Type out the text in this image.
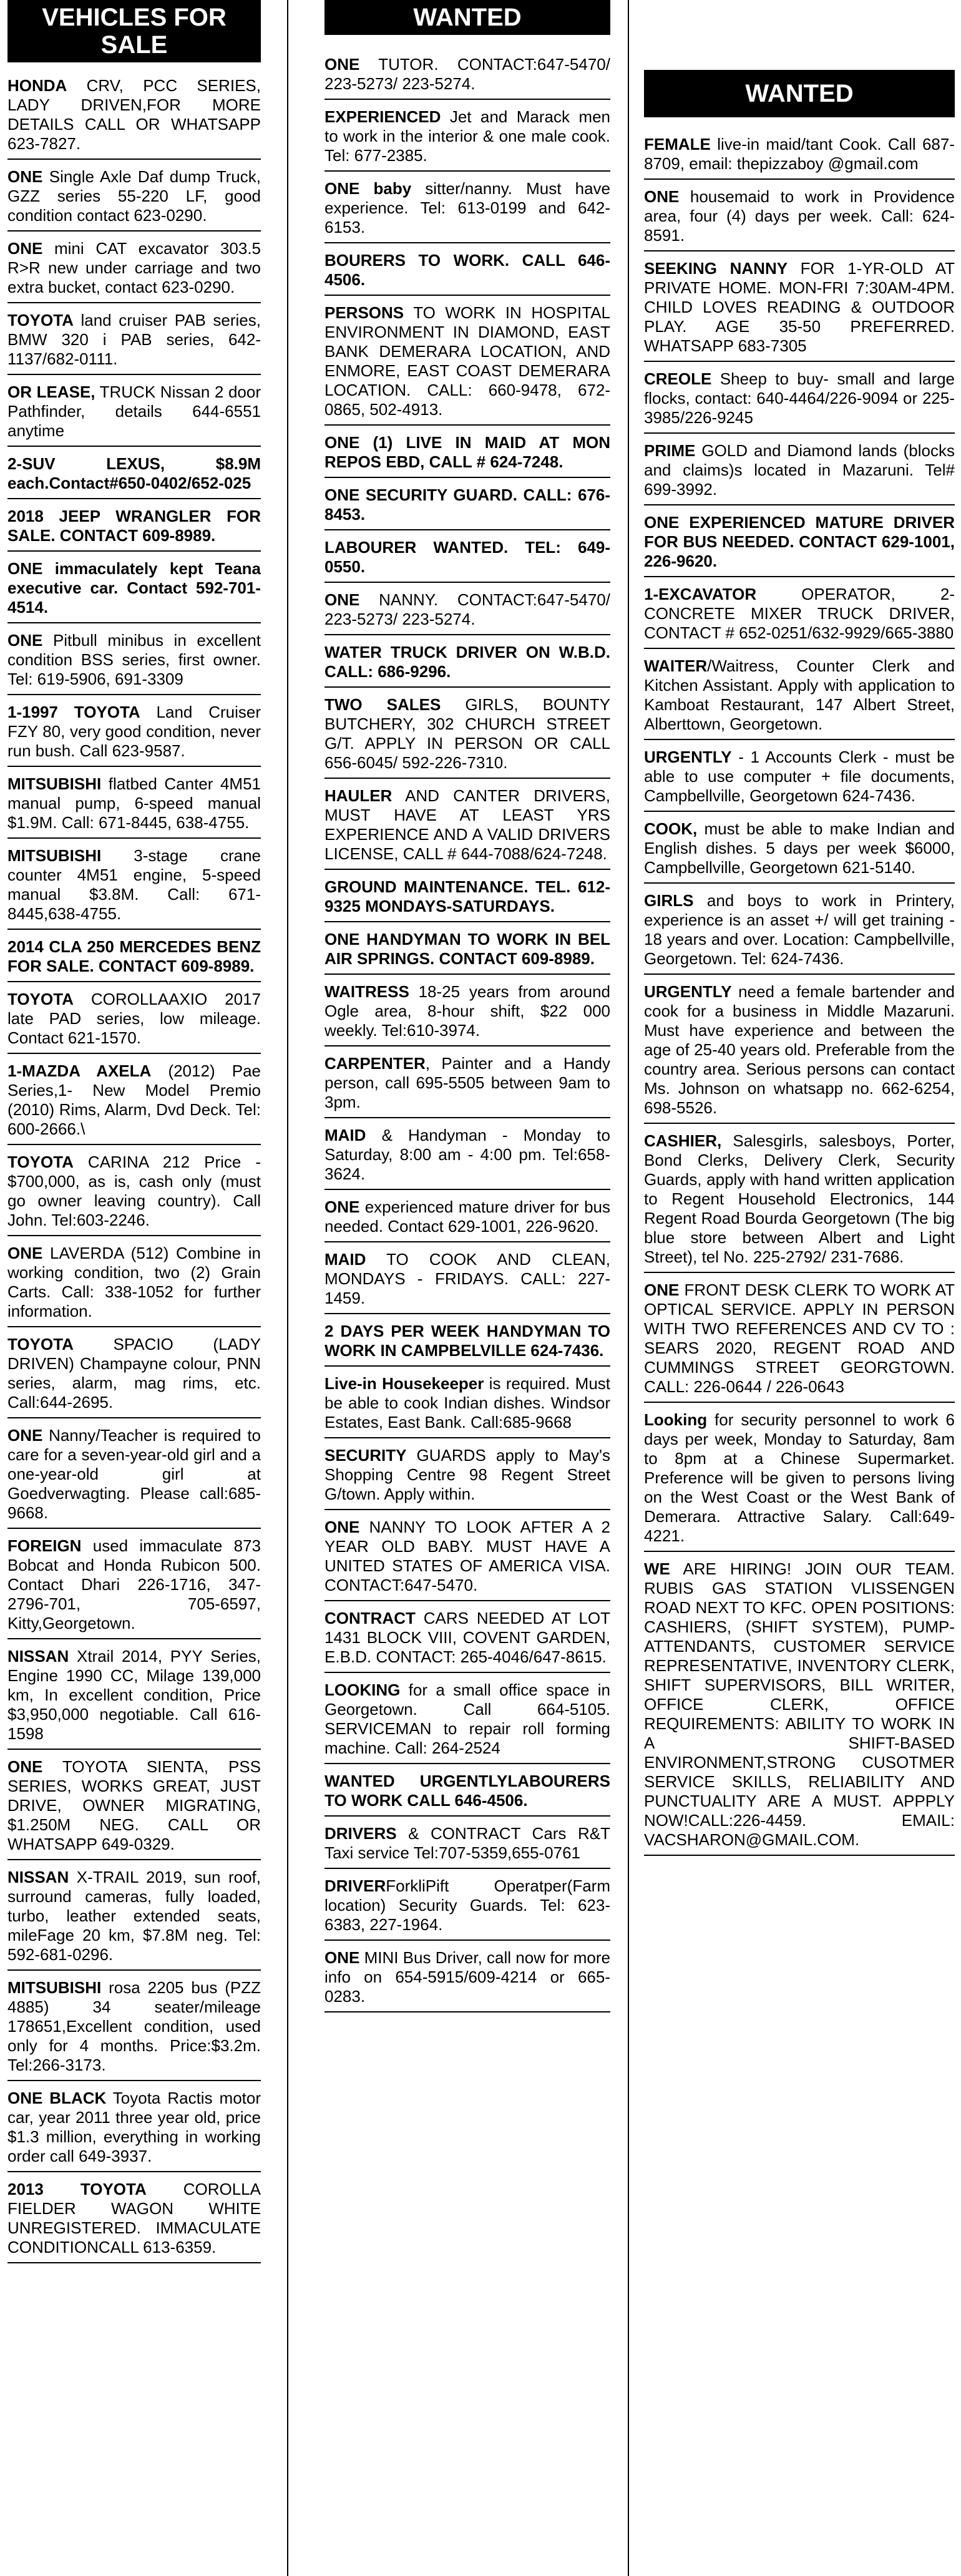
VEHICLES FOR SALE

HONDA CRV, PCC SERIES, LADY DRIVEN,FOR MORE DETAILS CALL OR WHATSAPP 623-7827.

ONE Single Axle Daf dump Truck, GZZ series 55-220 LF, good condition contact 623-0290.

ONE mini CAT excavator 303.5 R>R new under carriage and two extra bucket, contact 623-0290.

TOYOTA land cruiser PAB series, BMW 320 i PAB series, 642-1137/682-0111.

OR LEASE, TRUCK Nissan 2 door Pathfinder, details 644-6551 anytime

2-SUV LEXUS, $8.9M each.Contact#650-0402/652-025

2018 JEEP WRANGLER FOR SALE. CONTACT 609-8989.

ONE immaculately kept Teana executive car. Contact 592-701-4514.

ONE Pitbull minibus in excellent condition BSS series, first owner. Tel: 619-5906, 691-3309

1-1997 TOYOTA Land Cruiser FZY 80, very good condition, never run bush. Call 623-9587.

MITSUBISHI flatbed Canter 4M51 manual pump, 6-speed manual $1.9M. Call: 671-8445, 638-4755.

MITSUBISHI 3-stage crane counter 4M51 engine, 5-speed manual $3.8M. Call: 671-8445,638-4755.

2014 CLA 250 MERCEDES BENZ FOR SALE. CONTACT 609-8989.

TOYOTA COROLLAAXIO 2017 late PAD series, low mileage. Contact 621-1570.

1-MAZDA AXELA (2012) Pae Series,1- New Model Premio (2010) Rims, Alarm, Dvd Deck. Tel: 600-2666.\

TOYOTA CARINA 212 Price - $700,000, as is, cash only (must go owner leaving country). Call John. Tel:603-2246.

ONE LAVERDA (512) Combine in working condition, two (2) Grain Carts. Call: 338-1052 for further information.

TOYOTA SPACIO (LADY DRIVEN) Champayne colour, PNN series, alarm, mag rims, etc. Call:644-2695.

ONE Nanny/Teacher is required to care for a seven-year-old girl and a one-year-old girl at Goedverwagting. Please call:685-9668.

FOREIGN used immaculate 873 Bobcat and Honda Rubicon 500. Contact Dhari 226-1716, 347-2796-701, 705-6597, Kitty,Georgetown.

NISSAN Xtrail 2014, PYY Series, Engine 1990 CC, Milage 139,000 km, In excellent condition, Price $3,950,000 negotiable. Call 616-1598

ONE TOYOTA SIENTA, PSS SERIES, WORKS GREAT, JUST DRIVE, OWNER MIGRATING, $1.250M NEG. CALL OR WHATSAPP 649-0329.

NISSAN X-TRAIL 2019, sun roof, surround cameras, fully loaded, turbo, leather extended seats, mileFage 20 km, $7.8M neg. Tel: 592-681-0296.

MITSUBISHI rosa 2205 bus (PZZ 4885) 34 seater/mileage 178651,Excellent condition, used only for 4 months. Price:$3.2m. Tel:266-3173.

ONE BLACK Toyota Ractis motor car, year 2011 three year old, price $1.3 million, everything in working order call 649-3937.

2013 TOYOTA COROLLA FIELDER WAGON WHITE UNREGISTERED. IMMACULATE CONDITIONCALL 613-6359.

WANTED

ONE TUTOR. CONTACT:647-5470/ 223-5273/ 223-5274.

EXPERIENCED Jet and Marack men to work in the interior & one male cook. Tel: 677-2385.

ONE baby sitter/nanny. Must have experience. Tel: 613-0199 and 642-6153.

BOURERS TO WORK. CALL 646-4506.

PERSONS TO WORK IN HOSPITAL ENVIRONMENT IN DIAMOND, EAST BANK DEMERARA LOCATION, AND ENMORE, EAST COAST DEMERARA LOCATION. CALL: 660-9478, 672-0865, 502-4913.

ONE (1) LIVE IN MAID AT MON REPOS EBD, CALL # 624-7248.

ONE SECURITY GUARD. CALL: 676-8453.

LABOURER WANTED. TEL: 649-0550.

ONE NANNY. CONTACT:647-5470/ 223-5273/ 223-5274.

WATER TRUCK DRIVER ON W.B.D. CALL: 686-9296.

TWO SALES GIRLS, BOUNTY BUTCHERY, 302 CHURCH STREET G/T. APPLY IN PERSON OR CALL 656-6045/ 592-226-7310.

HAULER AND CANTER DRIVERS, MUST HAVE AT LEAST YRS EXPERIENCE AND A VALID DRIVERS LICENSE, CALL # 644-7088/624-7248.

GROUND MAINTENANCE. TEL. 612-9325 MONDAYS-SATURDAYS.

ONE HANDYMAN TO WORK IN BEL AIR SPRINGS. CONTACT 609-8989.

WAITRESS 18-25 years from around Ogle area, 8-hour shift, $22 000 weekly. Tel:610-3974.

CARPENTER, Painter and a Handy person, call 695-5505 between 9am to 3pm.

MAID & Handyman - Monday to Saturday, 8:00 am - 4:00 pm. Tel:658-3624.

ONE experienced mature driver for bus needed. Contact 629-1001, 226-9620.

MAID TO COOK AND CLEAN, MONDAYS - FRIDAYS. CALL: 227-1459.

2 DAYS PER WEEK HANDYMAN TO WORK IN CAMPBELVILLE 624-7436.

Live-in Housekeeper is required. Must be able to cook Indian dishes. Windsor Estates, East Bank. Call:685-9668

SECURITY GUARDS apply to May's Shopping Centre 98 Regent Street G/town. Apply within.

ONE NANNY TO LOOK AFTER A 2 YEAR OLD BABY. MUST HAVE A UNITED STATES OF AMERICA VISA. CONTACT:647-5470.

CONTRACT CARS NEEDED AT LOT 1431 BLOCK VIII, COVENT GARDEN, E.B.D. CONTACT: 265-4046/647-8615.

LOOKING for a small office space in Georgetown. Call 664-5105. SERVICEMAN to repair roll forming machine. Call: 264-2524

WANTED URGENTLYLABOURERS TO WORK CALL 646-4506.

DRIVERS & CONTRACT Cars R&T Taxi service Tel:707-5359,655-0761

DRIVERForkliPift Operatper(Farm location) Security Guards. Tel: 623-6383, 227-1964.

ONE MINI Bus Driver, call now for more info on 654-5915/609-4214 or 665-0283.

WANTED

FEMALE live-in maid/tant Cook. Call 687-8709, email: thepizzaboy @gmail.com

ONE housemaid to work in Providence area, four (4) days per week. Call: 624-8591.

SEEKING NANNY FOR 1-YR-OLD AT PRIVATE HOME. MON-FRI 7:30AM-4PM. CHILD LOVES READING & OUTDOOR PLAY. AGE 35-50 PREFERRED. WHATSAPP 683-7305

CREOLE Sheep to buy- small and large flocks, contact: 640-4464/226-9094 or 225-3985/226-9245

PRIME GOLD and Diamond lands (blocks and claims)s located in Mazaruni. Tel# 699-3992.

ONE EXPERIENCED MATURE DRIVER FOR BUS NEEDED. CONTACT 629-1001, 226-9620.

1-EXCAVATOR OPERATOR, 2- CONCRETE MIXER TRUCK DRIVER, CONTACT # 652-0251/632-9929/665-3880

WAITER/Waitress, Counter Clerk and Kitchen Assistant. Apply with application to Kamboat Restaurant, 147 Albert Street, Alberttown, Georgetown.

URGENTLY - 1 Accounts Clerk - must be able to use computer + file documents, Campbellville, Georgetown 624-7436.

COOK, must be able to make Indian and English dishes. 5 days per week $6000, Campbellville, Georgetown 621-5140.

GIRLS and boys to work in Printery, experience is an asset +/ will get training - 18 years and over. Location: Campbellville, Georgetown. Tel: 624-7436.

URGENTLY need a female bartender and cook for a business in Middle Mazaruni. Must have experience and between the age of 25-40 years old. Preferable from the country area. Serious persons can contact Ms. Johnson on whatsapp no. 662-6254, 698-5526.

CASHIER, Salesgirls, salesboys, Porter, Bond Clerks, Delivery Clerk, Security Guards, apply with hand written application to Regent Household Electronics, 144 Regent Road Bourda Georgetown (The big blue store between Albert and Light Street), tel No. 225-2792/ 231-7686.

ONE FRONT DESK CLERK TO WORK AT OPTICAL SERVICE. APPLY IN PERSON WITH TWO REFERENCES AND CV TO : SEARS 2020, REGENT ROAD AND CUMMINGS STREET GEORGTOWN. CALL: 226-0644 / 226-0643

Looking for security personnel to work 6 days per week, Monday to Saturday, 8am to 8pm at a Chinese Supermarket. Preference will be given to persons living on the West Coast or the West Bank of Demerara. Attractive Salary. Call:649-4221.

WE ARE HIRING! JOIN OUR TEAM. RUBIS GAS STATION VLISSENGEN ROAD NEXT TO KFC. OPEN POSITIONS: CASHIERS, (SHIFT SYSTEM), PUMP-ATTENDANTS, CUSTOMER SERVICE REPRESENTATIVE, INVENTORY CLERK, SHIFT SUPERVISORS, BILL WRITER, OFFICE CLERK, OFFICE REQUIREMENTS: ABILITY TO WORK IN A SHIFT-BASED ENVIRONMENT,STRONG CUSOTMER SERVICE SKILLS, RELIABILITY AND PUNCTUALITY ARE A MUST. APPPLY NOW!CALL:226-4459. EMAIL: VACSHARON@GMAIL.COM.
